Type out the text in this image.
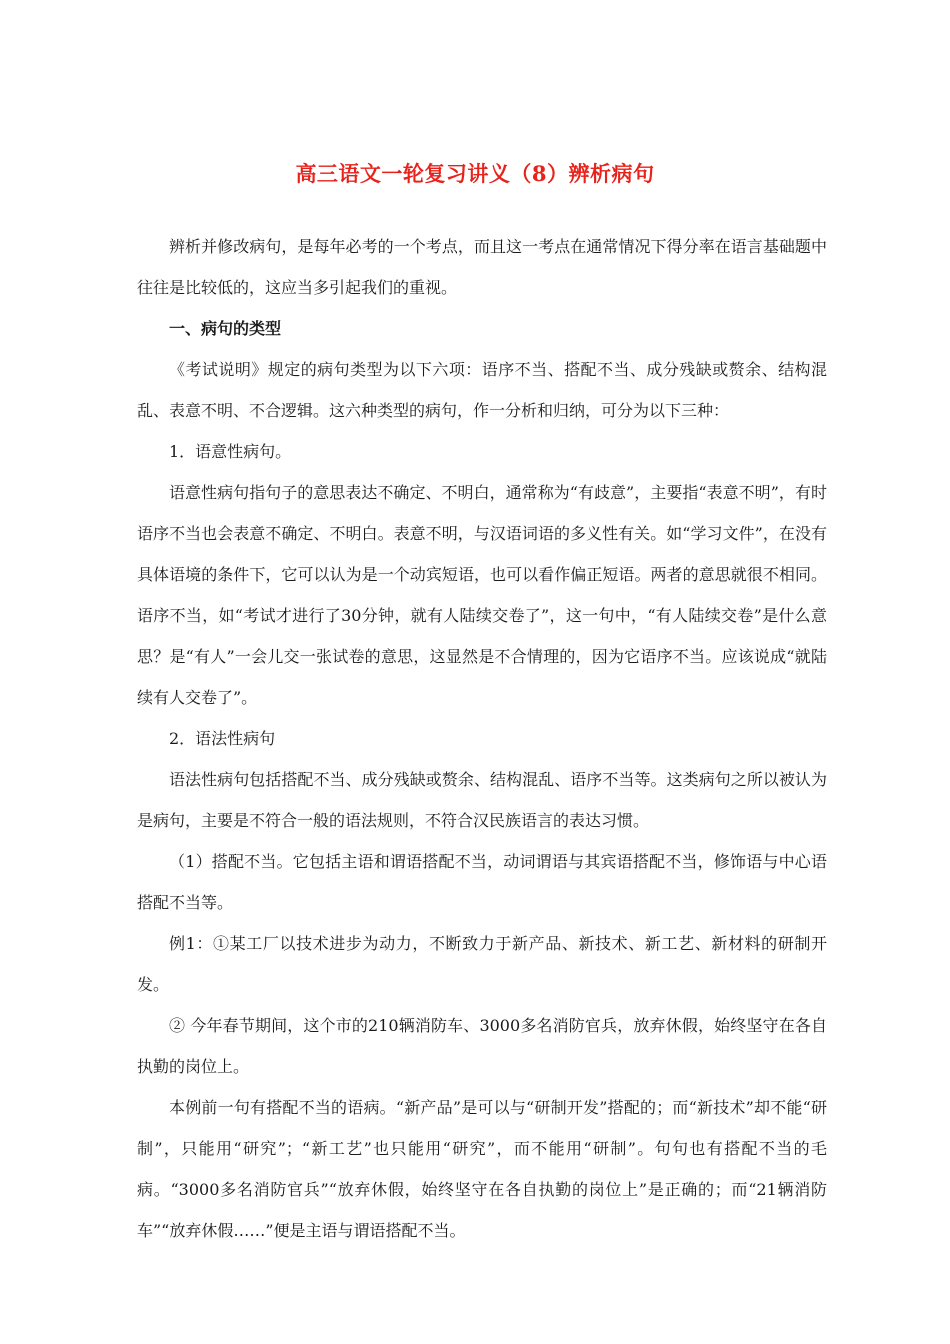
高三语文一轮复习讲义（8）辨析病句

辨析并修改病句，是每年必考的一个考点，而且这一考点在通常情况下得分率在语言基础题中往往是比较低的，这应当多引起我们的重视。

一、病句的类型

《考试说明》规定的病句类型为以下六项：语序不当、搭配不当、成分残缺或赘余、结构混乱、表意不明、不合逻辑。这六种类型的病句，作一分析和归纳，可分为以下三种：

1．语意性病句。

语意性病句指句子的意思表达不确定、不明白，通常称为“有歧意”，主要指“表意不明”，有时语序不当也会表意不确定、不明白。表意不明，与汉语词语的多义性有关。如“学习文件”，在没有具体语境的条件下，它可以认为是一个动宾短语，也可以看作偏正短语。两者的意思就很不相同。语序不当，如“考试才进行了30分钟，就有人陆续交卷了”，这一句中，“有人陆续交卷”是什么意思？是“有人”一会儿交一张试卷的意思，这显然是不合情理的，因为它语序不当。应该说成“就陆续有人交卷了”。

2．语法性病句

语法性病句包括搭配不当、成分残缺或赘余、结构混乱、语序不当等。这类病句之所以被认为是病句，主要是不符合一般的语法规则，不符合汉民族语言的表达习惯。

（1）搭配不当。它包括主语和谓语搭配不当，动词谓语与其宾语搭配不当，修饰语与中心语搭配不当等。

例1：①某工厂以技术进步为动力，不断致力于新产品、新技术、新工艺、新材料的研制开发。

② 今年春节期间，这个市的210辆消防车、3000多名消防官兵，放弃休假，始终坚守在各自执勤的岗位上。

本例前一句有搭配不当的语病。“新产品”是可以与“研制开发”搭配的；而“新技术”却不能“研制”，只能用“研究”；“新工艺”也只能用“研究”，而不能用“研制”。句句也有搭配不当的毛病。“3000多名消防官兵”“放弃休假，始终坚守在各自执勤的岗位上”是正确的；而“21辆消防车”“放弃休假……”便是主语与谓语搭配不当。
